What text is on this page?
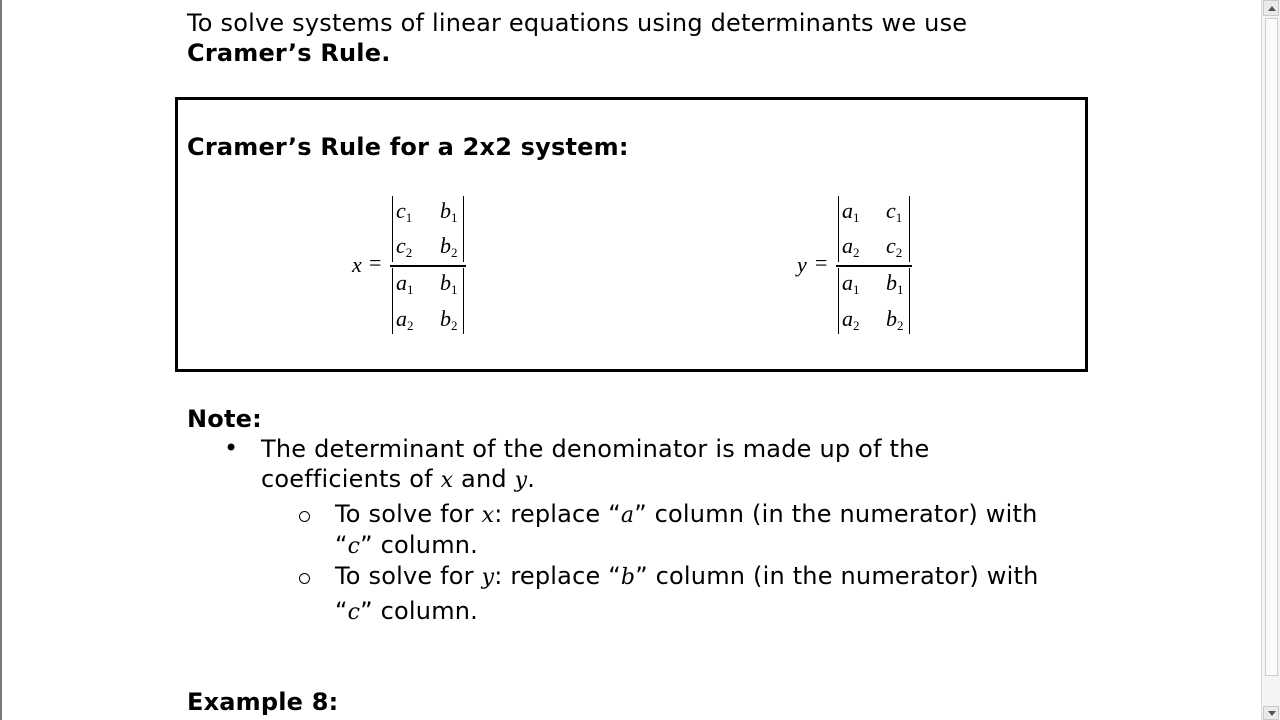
To solve systems of linear equations using determinants we use
Cramer’s Rule.
Cramer’s Rule for a 2x2 system:
x =
$c_1$ $b_1$
$c_2$ $b_2$
$a_1$ $b_1$
$a_2$ $b_2$
y =
$a_1$ $c_1$
$a_2$ $c_2$
$a_1$ $b_1$
$a_2$ $b_2$
Note:
• The determinant of the denominator is made up of the
coefficients of x and y.
To solve for x: replace “a” column (in the numerator) with
“c” column.
To solve for y: replace “b” column (in the numerator) with
“c” column.
Example 8:
